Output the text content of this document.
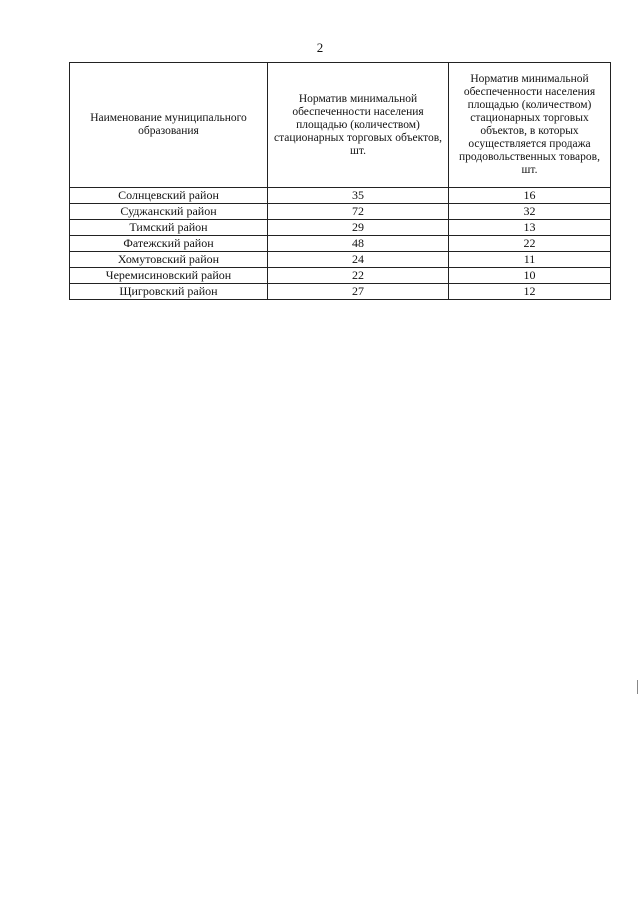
2
Наименование муниципального образования	Норматив минимальной обеспеченности населения площадью (количеством) стационарных торговых объектов, шт.	Норматив минимальной обеспеченности населения площадью (количеством) стационарных торговых объектов, в которых осуществляется продажа продовольственных товаров, шт.
Солнцевский район	35	16
Суджанский район	72	32
Тимский район	29	13
Фатежский район	48	22
Хомутовский район	24	11
Черемисиновский район	22	10
Щигровский район	27	12
